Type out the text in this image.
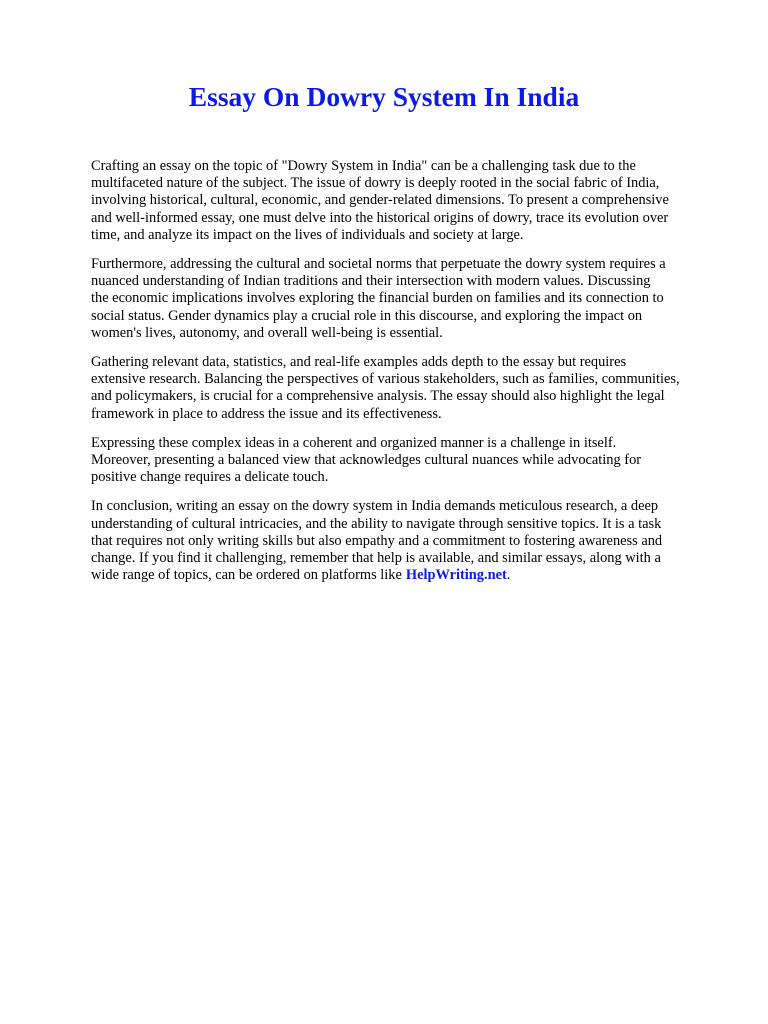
Essay On Dowry System In India

Crafting an essay on the topic of "Dowry System in India" can be a challenging task due to the
multifaceted nature of the subject. The issue of dowry is deeply rooted in the social fabric of India,
involving historical, cultural, economic, and gender-related dimensions. To present a comprehensive
and well-informed essay, one must delve into the historical origins of dowry, trace its evolution over
time, and analyze its impact on the lives of individuals and society at large.

Furthermore, addressing the cultural and societal norms that perpetuate the dowry system requires a
nuanced understanding of Indian traditions and their intersection with modern values. Discussing
the economic implications involves exploring the financial burden on families and its connection to
social status. Gender dynamics play a crucial role in this discourse, and exploring the impact on
women's lives, autonomy, and overall well-being is essential.

Gathering relevant data, statistics, and real-life examples adds depth to the essay but requires
extensive research. Balancing the perspectives of various stakeholders, such as families, communities,
and policymakers, is crucial for a comprehensive analysis. The essay should also highlight the legal
framework in place to address the issue and its effectiveness.

Expressing these complex ideas in a coherent and organized manner is a challenge in itself.
Moreover, presenting a balanced view that acknowledges cultural nuances while advocating for
positive change requires a delicate touch.

In conclusion, writing an essay on the dowry system in India demands meticulous research, a deep
understanding of cultural intricacies, and the ability to navigate through sensitive topics. It is a task
that requires not only writing skills but also empathy and a commitment to fostering awareness and
change. If you find it challenging, remember that help is available, and similar essays, along with a
wide range of topics, can be ordered on platforms like HelpWriting.net.
